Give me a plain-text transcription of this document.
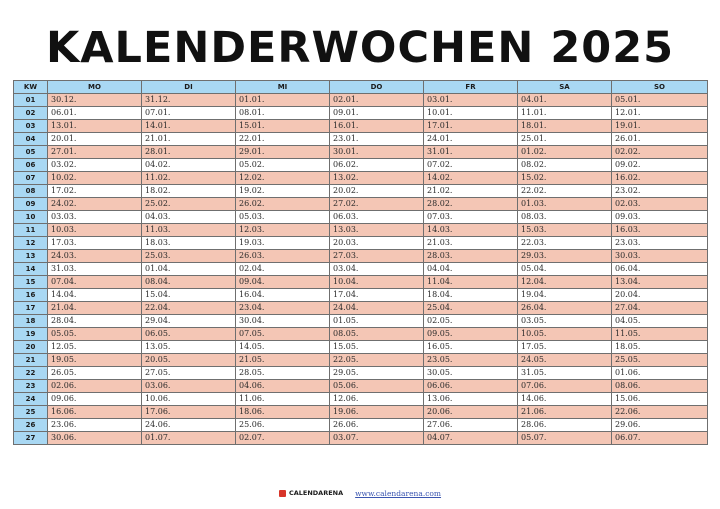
KALENDERWOCHEN 2025
KW	MO	DI	MI	DO	FR	SA	SO
01	30.12.	31.12.	01.01.	02.01.	03.01.	04.01.	05.01.
02	06.01.	07.01.	08.01.	09.01.	10.01.	11.01.	12.01.
03	13.01.	14.01.	15.01.	16.01.	17.01.	18.01.	19.01.
04	20.01.	21.01.	22.01.	23.01.	24.01.	25.01.	26.01.
05	27.01.	28.01.	29.01.	30.01.	31.01.	01.02.	02.02.
06	03.02.	04.02.	05.02.	06.02.	07.02.	08.02.	09.02.
07	10.02.	11.02.	12.02.	13.02.	14.02.	15.02.	16.02.
08	17.02.	18.02.	19.02.	20.02.	21.02.	22.02.	23.02.
09	24.02.	25.02.	26.02.	27.02.	28.02.	01.03.	02.03.
10	03.03.	04.03.	05.03.	06.03.	07.03.	08.03.	09.03.
11	10.03.	11.03.	12.03.	13.03.	14.03.	15.03.	16.03.
12	17.03.	18.03.	19.03.	20.03.	21.03.	22.03.	23.03.
13	24.03.	25.03.	26.03.	27.03.	28.03.	29.03.	30.03.
14	31.03.	01.04.	02.04.	03.04.	04.04.	05.04.	06.04.
15	07.04.	08.04.	09.04.	10.04.	11.04.	12.04.	13.04.
16	14.04.	15.04.	16.04.	17.04.	18.04.	19.04.	20.04.
17	21.04.	22.04.	23.04.	24.04.	25.04.	26.04.	27.04.
18	28.04.	29.04.	30.04.	01.05.	02.05.	03.05.	04.05.
19	05.05.	06.05.	07.05.	08.05.	09.05.	10.05.	11.05.
20	12.05.	13.05.	14.05.	15.05.	16.05.	17.05.	18.05.
21	19.05.	20.05.	21.05.	22.05.	23.05.	24.05.	25.05.
22	26.05.	27.05.	28.05.	29.05.	30.05.	31.05.	01.06.
23	02.06.	03.06.	04.06.	05.06.	06.06.	07.06.	08.06.
24	09.06.	10.06.	11.06.	12.06.	13.06.	14.06.	15.06.
25	16.06.	17.06.	18.06.	19.06.	20.06.	21.06.	22.06.
26	23.06.	24.06.	25.06.	26.06.	27.06.	28.06.	29.06.
27	30.06.	01.07.	02.07.	03.07.	04.07.	05.07.	06.07.
CALENDARENA www.calendarena.com
